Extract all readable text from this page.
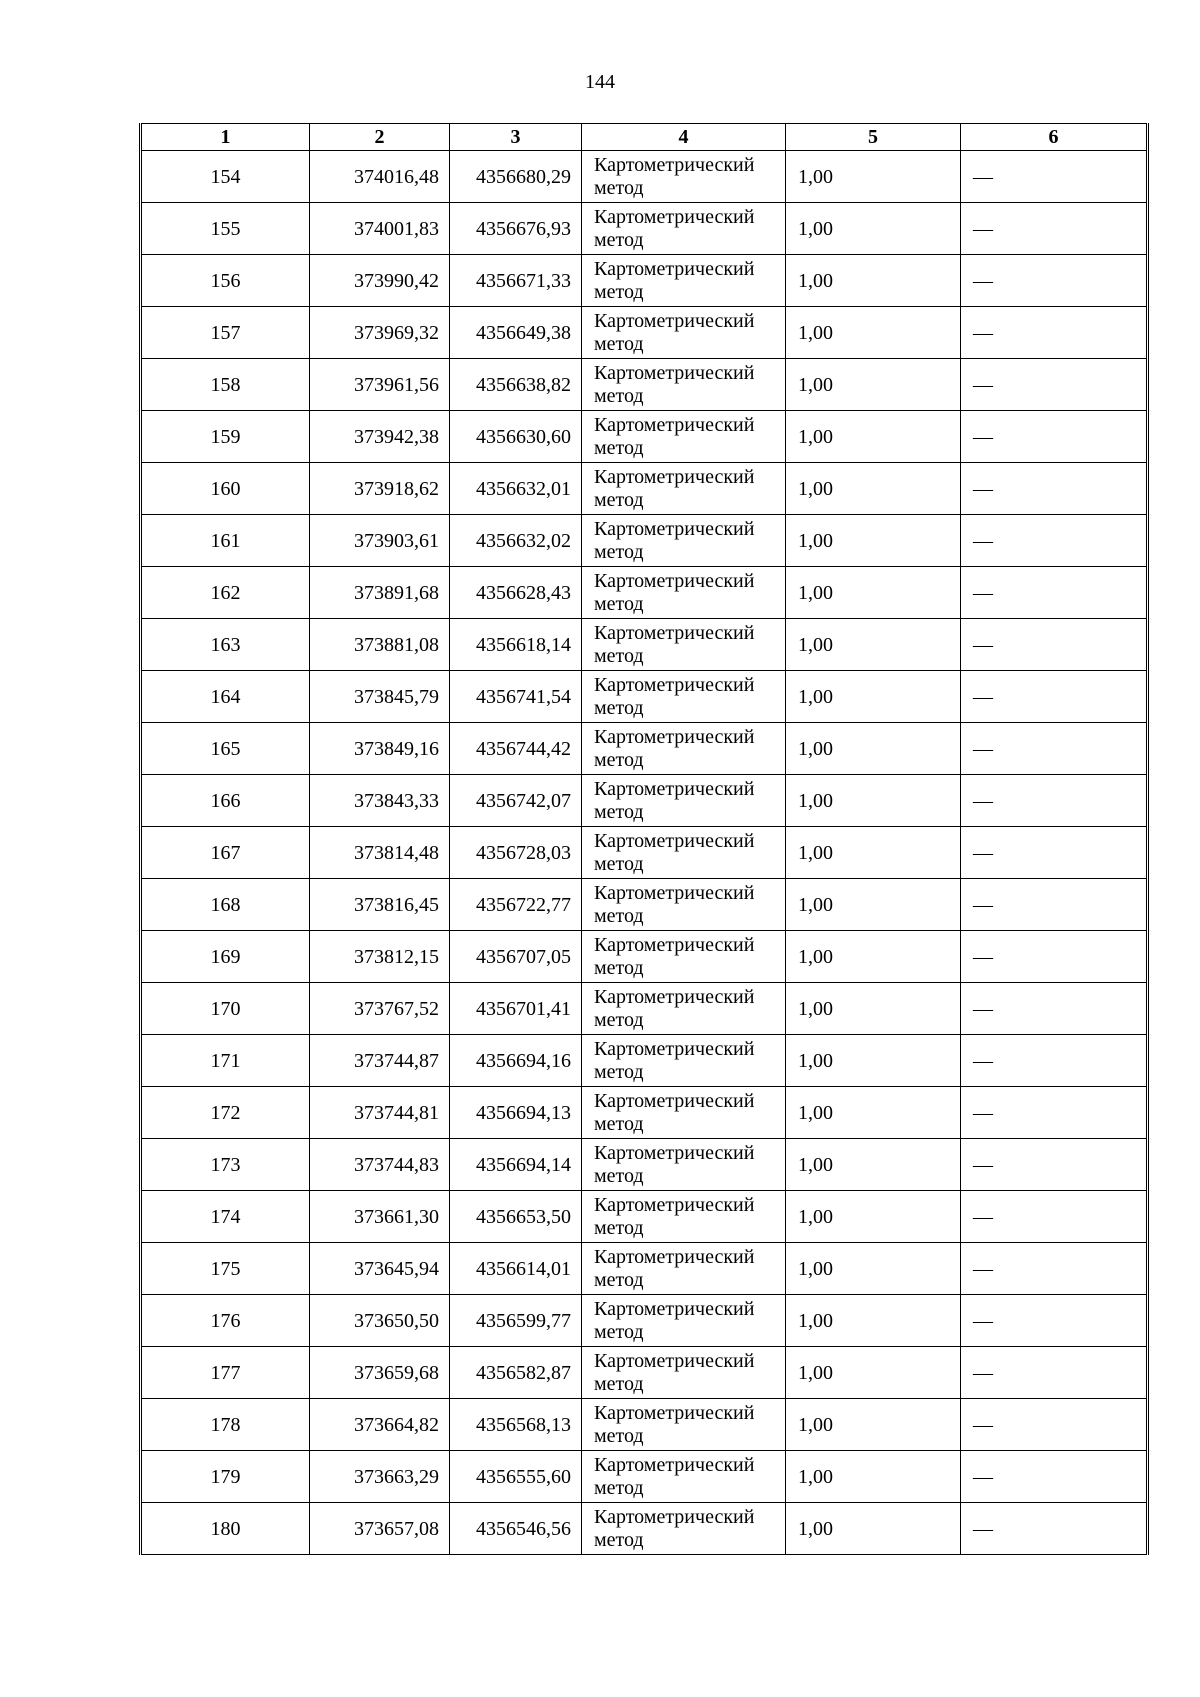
144
1	2	3	4	5	6
154	374016,48	4356680,29	Картометрический метод	1,00	—
155	374001,83	4356676,93	Картометрический метод	1,00	—
156	373990,42	4356671,33	Картометрический метод	1,00	—
157	373969,32	4356649,38	Картометрический метод	1,00	—
158	373961,56	4356638,82	Картометрический метод	1,00	—
159	373942,38	4356630,60	Картометрический метод	1,00	—
160	373918,62	4356632,01	Картометрический метод	1,00	—
161	373903,61	4356632,02	Картометрический метод	1,00	—
162	373891,68	4356628,43	Картометрический метод	1,00	—
163	373881,08	4356618,14	Картометрический метод	1,00	—
164	373845,79	4356741,54	Картометрический метод	1,00	—
165	373849,16	4356744,42	Картометрический метод	1,00	—
166	373843,33	4356742,07	Картометрический метод	1,00	—
167	373814,48	4356728,03	Картометрический метод	1,00	—
168	373816,45	4356722,77	Картометрический метод	1,00	—
169	373812,15	4356707,05	Картометрический метод	1,00	—
170	373767,52	4356701,41	Картометрический метод	1,00	—
171	373744,87	4356694,16	Картометрический метод	1,00	—
172	373744,81	4356694,13	Картометрический метод	1,00	—
173	373744,83	4356694,14	Картометрический метод	1,00	—
174	373661,30	4356653,50	Картометрический метод	1,00	—
175	373645,94	4356614,01	Картометрический метод	1,00	—
176	373650,50	4356599,77	Картометрический метод	1,00	—
177	373659,68	4356582,87	Картометрический метод	1,00	—
178	373664,82	4356568,13	Картометрический метод	1,00	—
179	373663,29	4356555,60	Картометрический метод	1,00	—
180	373657,08	4356546,56	Картометрический метод	1,00	—
